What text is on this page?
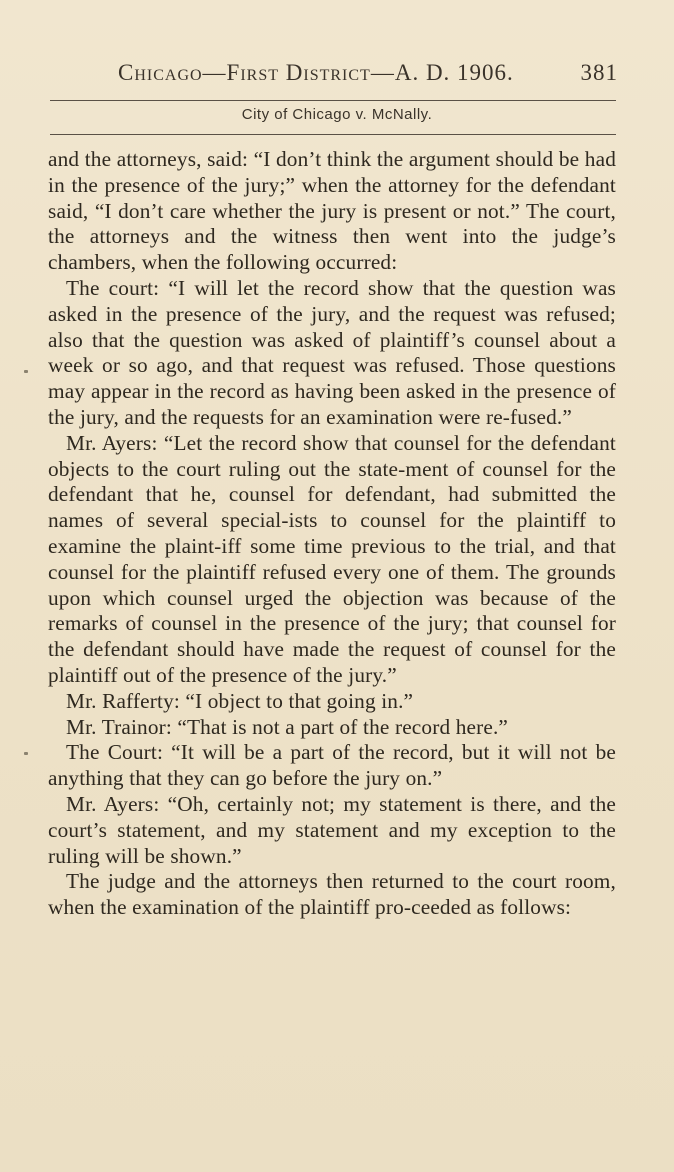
Chicago—First District—A. D. 1906.	381
City of Chicago v. McNally.

and the attorneys, said: “I don’t think the argument should be had in the presence of the jury;” when the attorney for the defendant said, “I don’t care whether the jury is present or not.” The court, the attorneys and the witness then went into the judge’s chambers, when the following occurred:

The court: “I will let the record show that the question was asked in the presence of the jury, and the request was refused; also that the question was asked of plaintiff’s counsel about a week or so ago, and that request was refused. Those questions may appear in the record as having been asked in the presence of the jury, and the requests for an examination were re-fused.”

Mr. Ayers: “Let the record show that counsel for the defendant objects to the court ruling out the state-ment of counsel for the defendant that he, counsel for defendant, had submitted the names of several special-ists to counsel for the plaintiff to examine the plaint-iff some time previous to the trial, and that counsel for the plaintiff refused every one of them. The grounds upon which counsel urged the objection was because of the remarks of counsel in the presence of the jury; that counsel for the defendant should have made the request of counsel for the plaintiff out of the presence of the jury.”

Mr. Rafferty: “I object to that going in.”

Mr. Trainor: “That is not a part of the record here.”

The Court: “It will be a part of the record, but it will not be anything that they can go before the jury on.”

Mr. Ayers: “Oh, certainly not; my statement is there, and the court’s statement, and my statement and my exception to the ruling will be shown.”

The judge and the attorneys then returned to the court room, when the examination of the plaintiff pro-ceeded as follows:
